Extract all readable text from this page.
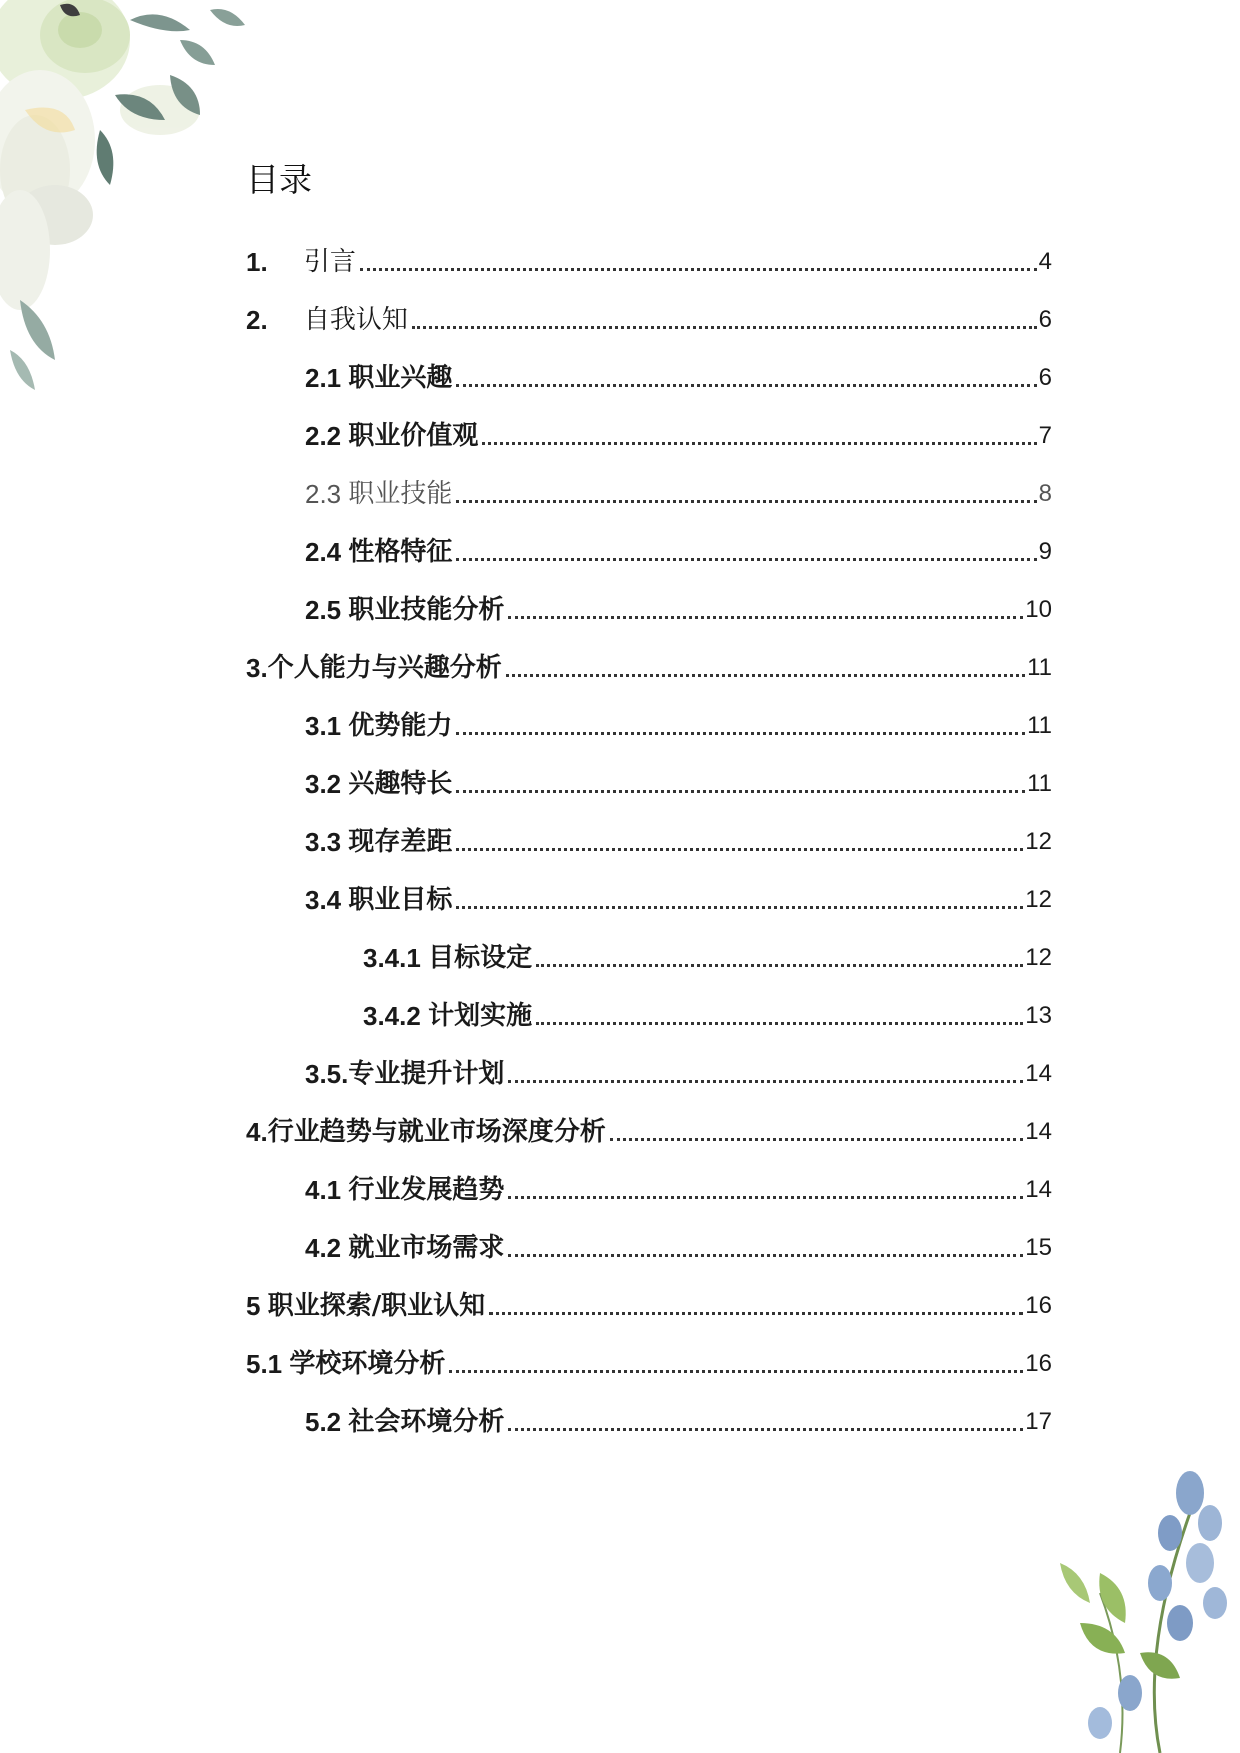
目录
1. 引言	4
2. 自我认知	6
2.1 职业兴趣	6
2.2 职业价值观	7
2.3 职业技能	8
2.4 性格特征	9
2.5 职业技能分析	10
3. 个人能力与兴趣分析	11
3.1 优势能力	11
3.2 兴趣特长	11
3.3 现存差距	12
3.4 职业目标	12
3.4.1 目标设定	12
3.4.2 计划实施	13
3.5. 专业提升计划	14
4. 行业趋势与就业市场深度分析	14
4.1 行业发展趋势	14
4.2 就业市场需求	15
5 职业探索/职业认知	16
5.1 学校环境分析	16
5.2 社会环境分析	17
